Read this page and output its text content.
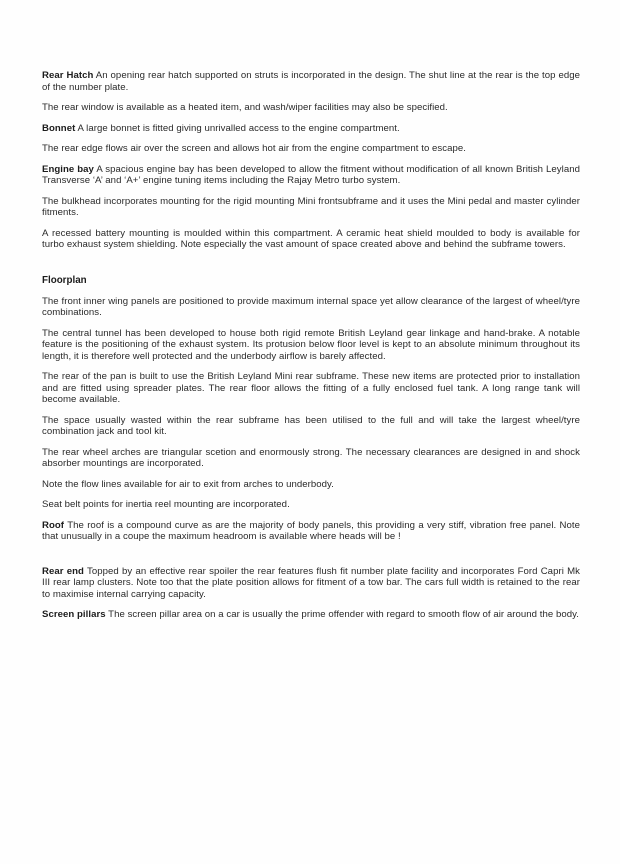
Rear Hatch An opening rear hatch supported on struts is incorporated in the design. The shut line at the rear is the top edge of the number plate.

The rear window is available as a heated item, and wash/wiper facilities may also be specified.

Bonnet A large bonnet is fitted giving unrivalled access to the engine compartment.

The rear edge flows air over the screen and allows hot air from the engine compartment to escape.

Engine bay A spacious engine bay has been developed to allow the fitment without modification of all known British Leyland Transverse ‘A’ and ‘A+’ engine tuning items including the Rajay Metro turbo system.

The bulkhead incorporates mounting for the rigid mounting Mini frontsubframe and it uses the Mini pedal and master cylinder fitments.

A recessed battery mounting is moulded within this compartment. A ceramic heat shield moulded to body is available for turbo exhaust system shielding. Note especially the vast amount of space created above and behind the subframe towers.

Floorplan

The front inner wing panels are positioned to provide maximum internal space yet allow clearance of the largest of wheel/tyre combinations.

The central tunnel has been developed to house both rigid remote British Leyland gear linkage and hand-brake. A notable feature is the positioning of the exhaust system. Its protusion below floor level is kept to an absolute minimum throughout its length, it is therefore well protected and the underbody airflow is barely affected.

The rear of the pan is built to use the British Leyland Mini rear subframe. These new items are protected prior to installation and are fitted using spreader plates. The rear floor allows the fitting of a fully enclosed fuel tank. A long range tank will become available.

The space usually wasted within the rear subframe has been utilised to the full and will take the largest wheel/tyre combination jack and tool kit.

The rear wheel arches are triangular scetion and enormously strong. The necessary clearances are designed in and shock absorber mountings are incorporated.

Note the flow lines available for air to exit from arches to underbody.

Seat belt points for inertia reel mounting are incorporated.

Roof The roof is a compound curve as are the majority of body panels, this providing a very stiff, vibration free panel. Note that unusually in a coupe the maximum headroom is available where heads will be !

Rear end Topped by an effective rear spoiler the rear features flush fit number plate facility and incorporates Ford Capri Mk III rear lamp clusters. Note too that the plate position allows for fitment of a tow bar. The cars full width is retained to the rear to maximise internal carrying capacity.

Screen pillars The screen pillar area on a car is usually the prime offender with regard to smooth flow of air around the body.
